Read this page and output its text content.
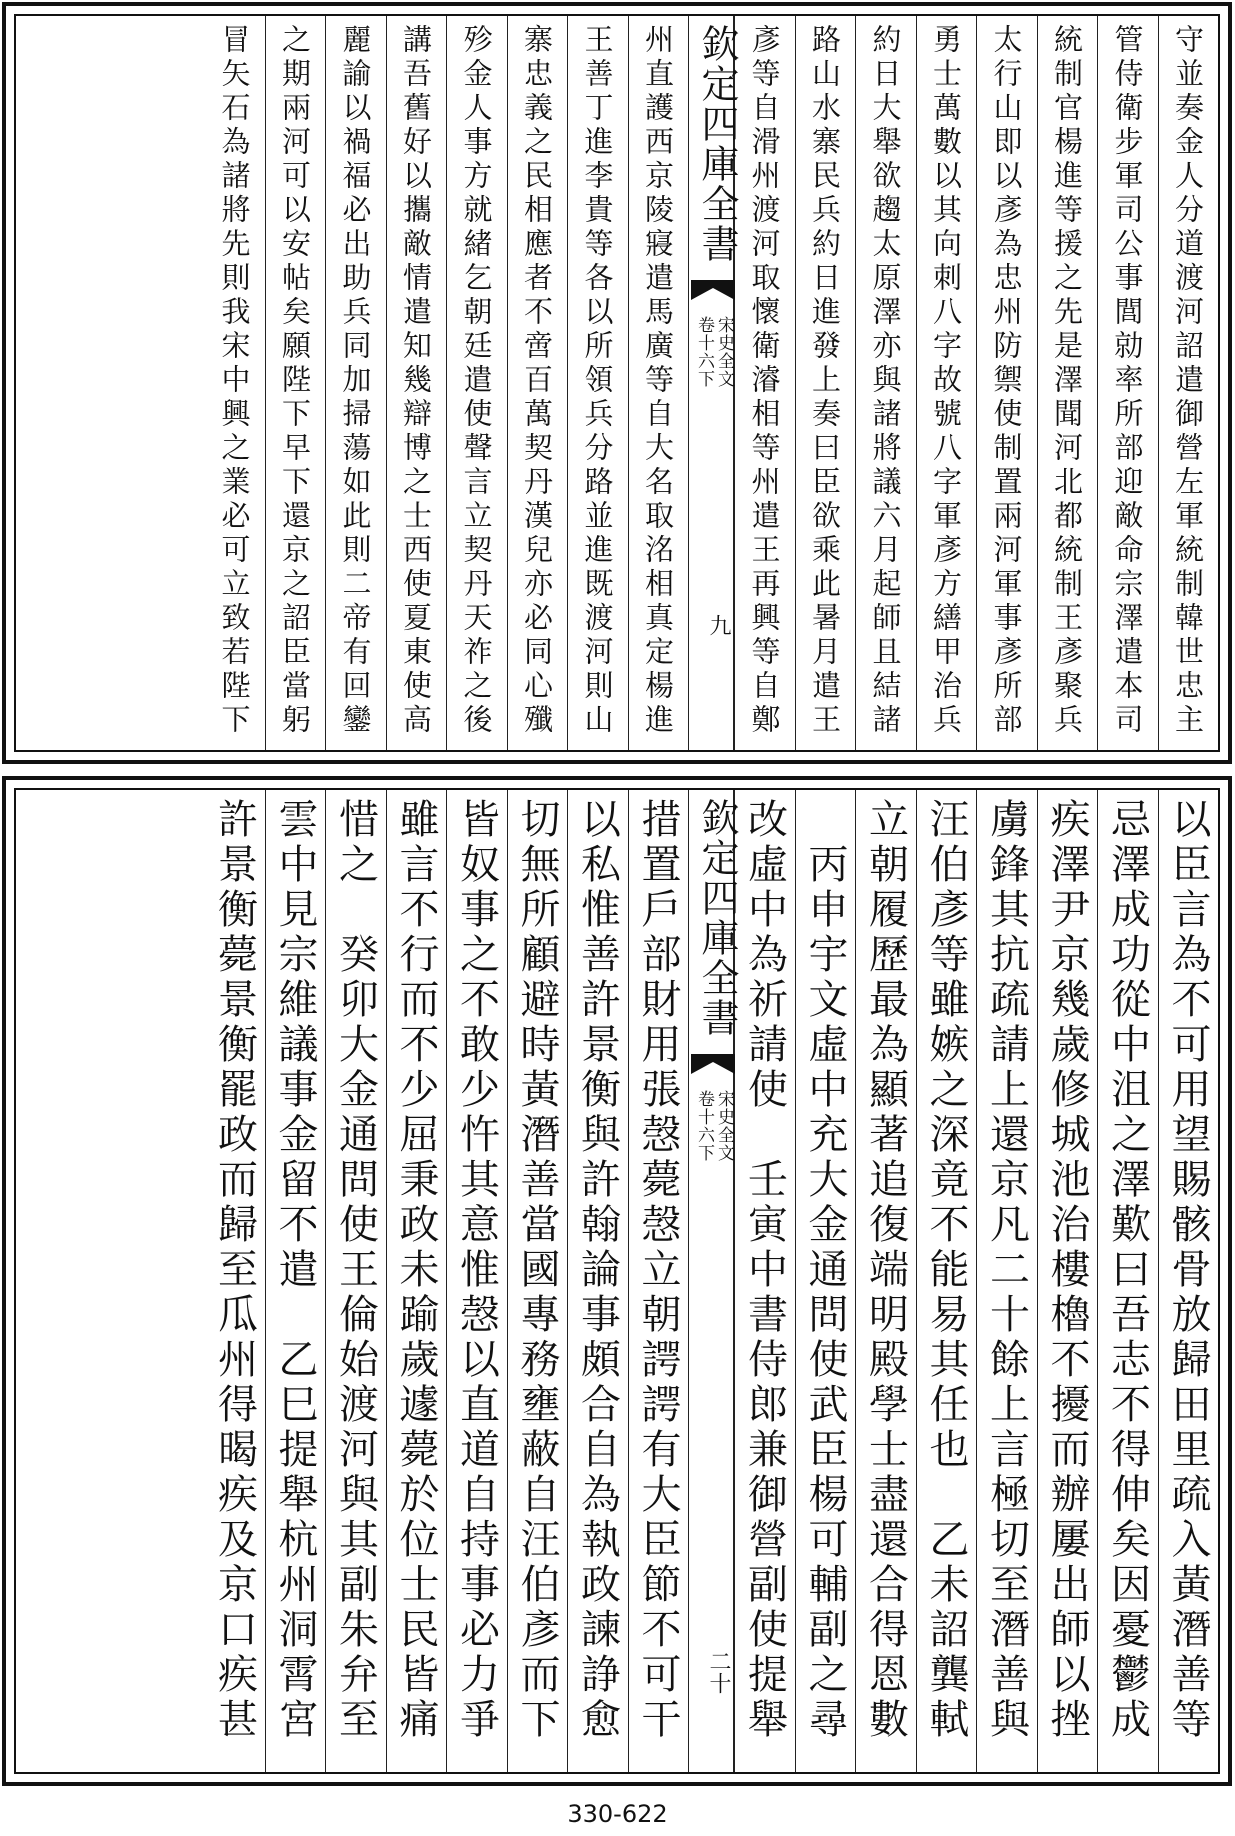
守並奏金人分道渡河詔遣御營左軍統制韓世忠主
管侍衛步軍司公事閭勍率所部迎敵命宗澤遣本司
統制官楊進等援之先是澤聞河北都統制王彥聚兵
太行山即以彥為忠州防禦使制置兩河軍事彥所部
勇士萬數以其向刺八字故號八字軍彥方繕甲治兵
約日大舉欲趨太原澤亦與諸將議六月起師且結諸
路山水寨民兵約日進發上奏曰臣欲乘此暑月遣王
彥等自滑州渡河取懷衛濬相等州遣王再興等自鄭
欽定四庫全書
宋史全文
卷十六下
九
州直護西京陵寢遣馬廣等自大名取洺相真定楊進
王善丁進李貴等各以所領兵分路並進既渡河則山
寨忠義之民相應者不啻百萬契丹漢兒亦必同心殲
殄金人事方就緒乞朝廷遣使聲言立契丹天祚之後
講吾舊好以攜敵情遣知幾辯博之士西使夏東使高
麗諭以禍福必出助兵同加掃蕩如此則二帝有回鑾
之期兩河可以安帖矣願陛下早下還京之詔臣當躬
冒矢石為諸將先則我宋中興之業必可立致若陛下
以臣言為不可用望賜骸骨放歸田里疏入黃潛善等
忌澤成功從中沮之澤歎曰吾志不得伸矣因憂鬱成
疾澤尹京幾歲修城池治樓櫓不擾而辦屢出師以挫
虜鋒其抗疏請上還京凡二十餘上言極切至潛善與
汪伯彥等雖嫉之深竟不能易其任也　乙未詔龔軾
立朝履歷最為顯著追復端明殿學士盡還合得恩數
　丙申宇文虛中充大金通問使武臣楊可輔副之尋
改虛中為祈請使　壬寅中書侍郎兼御營副使提舉
欽定四庫全書
宋史全文
卷十六下
二十
措置戶部財用張愨薨愨立朝諤諤有大臣節不可干
以私惟善許景衡與許翰論事頗合自為執政諫諍愈
切無所顧避時黃潛善當國專務壅蔽自汪伯彥而下
皆奴事之不敢少忤其意惟愨以直道自持事必力爭
雖言不行而不少屈秉政未踰歲遽薨於位士民皆痛
惜之　癸卯大金通問使王倫始渡河與其副朱弁至
雲中見宗維議事金留不遣　乙巳提舉杭州洞霄宮
許景衡薨景衡罷政而歸至瓜州得暍疾及京口疾甚
330-622
